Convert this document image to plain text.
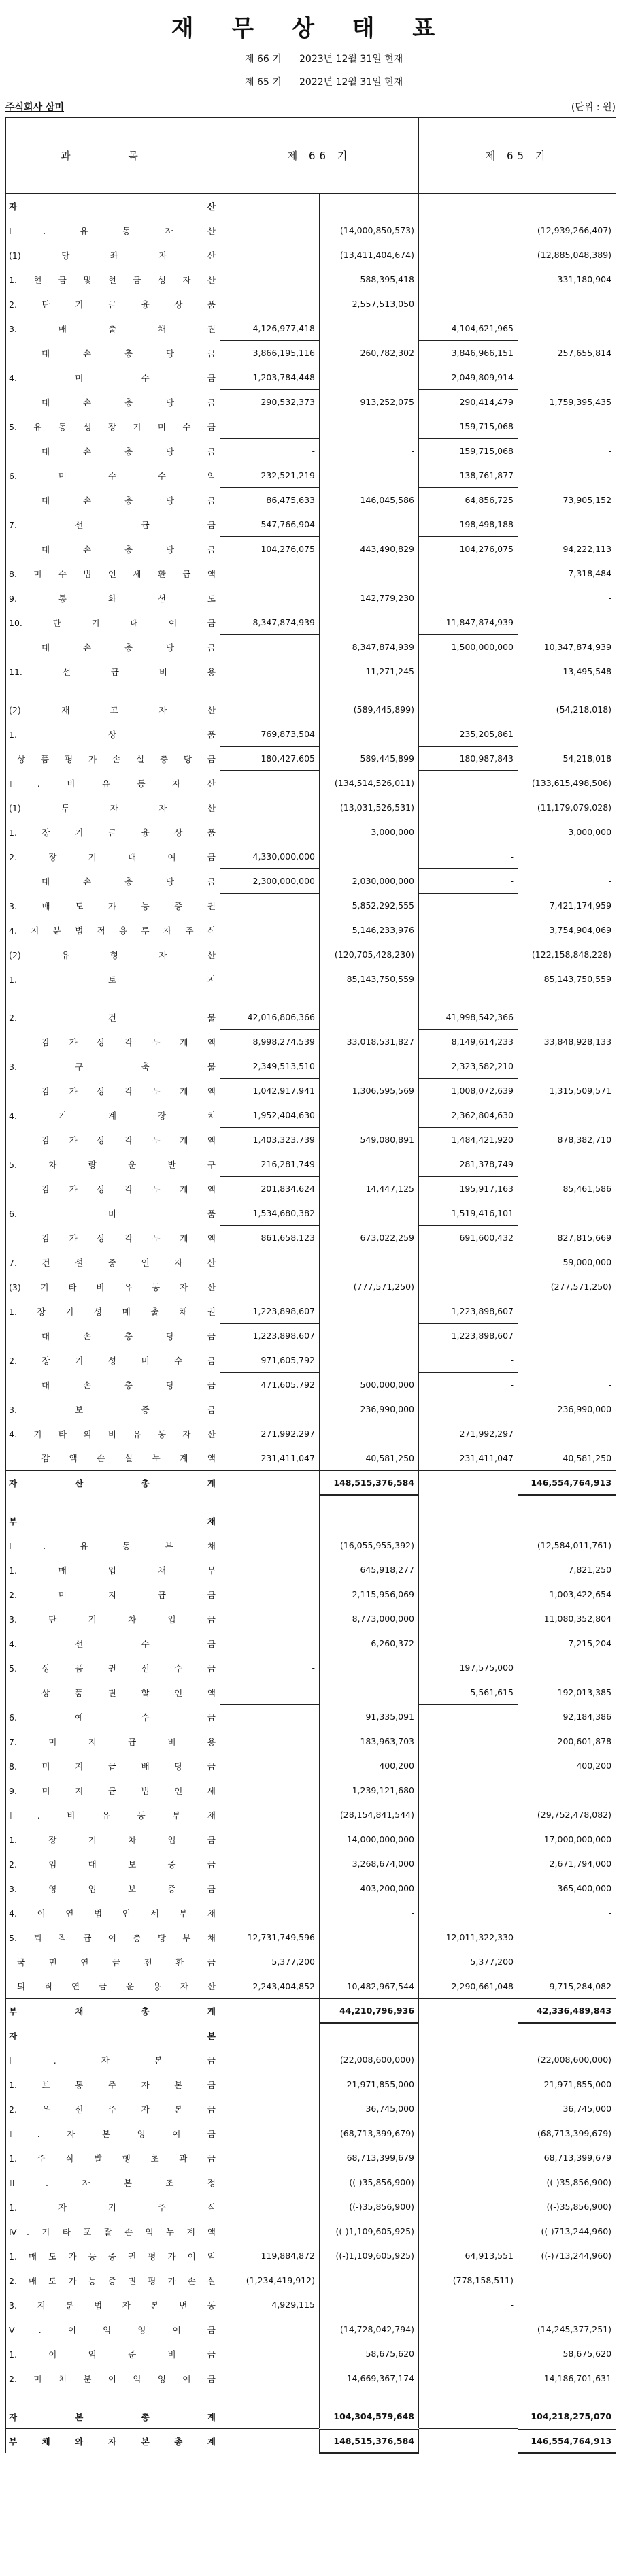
재 무 상 태 표
제 66 기	2023년 12월 31일 현재
제 65 기	2022년 12월 31일 현재
주식회사 삼미	(단위 : 원)
과 목	제 66 기		제 65 기	
자 산				
Ⅰ. 유 동 자 산		(14,000,850,573)		(12,939,266,407)
(1) 당 좌 자 산		(13,411,404,674)		(12,885,048,389)
1. 현 금 및 현 금 성 자 산		588,395,418		331,180,904
2. 단 기 금 융 상 품		2,557,513,050		
3. 매 출 채 권	4,126,977,418		4,104,621,965	
대 손 충 당 금	3,866,195,116	260,782,302	3,846,966,151	257,655,814
4. 미 수 금	1,203,784,448		2,049,809,914	
대 손 충 당 금	290,532,373	913,252,075	290,414,479	1,759,395,435
5. 유 동 성 장 기 미 수 금	-		159,715,068	
대 손 충 당 금	-	-	159,715,068	-
6. 미 수 수 익	232,521,219		138,761,877	
대 손 충 당 금	86,475,633	146,045,586	64,856,725	73,905,152
7. 선 급 금	547,766,904		198,498,188	
대 손 충 당 금	104,276,075	443,490,829	104,276,075	94,222,113
8. 미 수 법 인 세 환 급 액				7,318,484
9. 통 화 선 도		142,779,230		-
10. 단 기 대 여 금	8,347,874,939		11,847,874,939	
대 손 충 당 금		8,347,874,939	1,500,000,000	10,347,874,939
11. 선 급 비 용		11,271,245		13,495,548

(2) 재 고 자 산		(589,445,899)		(54,218,018)
1. 상 품	769,873,504		235,205,861	
상 품 평 가 손 실 충 당 금	180,427,605	589,445,899	180,987,843	54,218,018
Ⅱ. 비 유 동 자 산		(134,514,526,011)		(133,615,498,506)
(1) 투 자 자 산		(13,031,526,531)		(11,179,079,028)
1. 장 기 금 융 상 품		3,000,000		3,000,000
2. 장 기 대 여 금	4,330,000,000		-	
대 손 충 당 금	2,300,000,000	2,030,000,000	-	-
3. 매 도 가 능 증 권		5,852,292,555		7,421,174,959
4. 지 분 법 적 용 투 자 주 식		5,146,233,976		3,754,904,069
(2) 유 형 자 산		(120,705,428,230)		(122,158,848,228)
1. 토 지		85,143,750,559		85,143,750,559

2. 건 물	42,016,806,366		41,998,542,366	
감 가 상 각 누 계 액	8,998,274,539	33,018,531,827	8,149,614,233	33,848,928,133
3. 구 축 물	2,349,513,510		2,323,582,210	
감 가 상 각 누 계 액	1,042,917,941	1,306,595,569	1,008,072,639	1,315,509,571
4. 기 계 장 치	1,952,404,630		2,362,804,630	
감 가 상 각 누 계 액	1,403,323,739	549,080,891	1,484,421,920	878,382,710
5. 차 량 운 반 구	216,281,749		281,378,749	
감 가 상 각 누 계 액	201,834,624	14,447,125	195,917,163	85,461,586
6. 비 품	1,534,680,382		1,519,416,101	
감 가 상 각 누 계 액	861,658,123	673,022,259	691,600,432	827,815,669
7. 건 설 중 인 자 산				59,000,000
(3) 기 타 비 유 동 자 산		(777,571,250)		(277,571,250)
1. 장 기 성 매 출 채 권	1,223,898,607		1,223,898,607	
대 손 충 당 금	1,223,898,607		1,223,898,607	
2. 장 기 성 미 수 금	971,605,792		-	
대 손 충 당 금	471,605,792	500,000,000	-	-
3. 보 증 금		236,990,000		236,990,000
4. 기 타 의 비 유 동 자 산	271,992,297		271,992,297	
감 액 손 실 누 계 액	231,411,047	40,581,250	231,411,047	40,581,250
자 산 총 계		148,515,376,584		146,554,764,913

부 채				
Ⅰ. 유 동 부 채		(16,055,955,392)		(12,584,011,761)
1. 매 입 채 무		645,918,277		7,821,250
2. 미 지 급 금		2,115,956,069		1,003,422,654
3. 단 기 차 입 금		8,773,000,000		11,080,352,804
4. 선 수 금		6,260,372		7,215,204
5. 상 품 권 선 수 금	-		197,575,000	
상 품 권 할 인 액	-	-	5,561,615	192,013,385
6. 예 수 금		91,335,091		92,184,386
7. 미 지 급 비 용		183,963,703		200,601,878
8. 미 지 급 배 당 금		400,200		400,200
9. 미 지 급 법 인 세		1,239,121,680		-
Ⅱ. 비 유 동 부 채		(28,154,841,544)		(29,752,478,082)
1. 장 기 차 입 금		14,000,000,000		17,000,000,000
2. 임 대 보 증 금		3,268,674,000		2,671,794,000
3. 영 업 보 증 금		403,200,000		365,400,000
4. 이 연 법 인 세 부 채		-		-
5. 퇴 직 급 여 충 당 부 채	12,731,749,596		12,011,322,330	
국 민 연 금 전 환 금	5,377,200		5,377,200	
퇴 직 연 금 운 용 자 산	2,243,404,852	10,482,967,544	2,290,661,048	9,715,284,082
부 채 총 계		44,210,796,936		42,336,489,843
자 본				
Ⅰ. 자 본 금		(22,008,600,000)		(22,008,600,000)
1. 보 통 주 자 본 금		21,971,855,000		21,971,855,000
2. 우 선 주 자 본 금		36,745,000		36,745,000
Ⅱ. 자 본 잉 여 금		(68,713,399,679)		(68,713,399,679)
1. 주 식 발 행 초 과 금		68,713,399,679		68,713,399,679
Ⅲ. 자 본 조 정		((-)35,856,900)		((-)35,856,900)
1. 자 기 주 식		((-)35,856,900)		((-)35,856,900)
Ⅳ. 기 타 포 괄 손 익 누 계 액		((-)1,109,605,925)		((-)713,244,960)
1. 매 도 가 능 증 권 평 가 이 익	119,884,872	((-)1,109,605,925)	64,913,551	((-)713,244,960)
2. 매 도 가 능 증 권 평 가 손 실	(1,234,419,912)		(778,158,511)	
3. 지 분 법 자 본 변 동	4,929,115		-	
Ⅴ. 이 익 잉 여 금		(14,728,042,794)		(14,245,377,251)
1. 이 익 준 비 금		58,675,620		58,675,620
2. 미 처 분 이 익 잉 여 금		14,669,367,174		14,186,701,631

자 본 총 계		104,304,579,648		104,218,275,070
부 채 와 자 본 총 계		148,515,376,584		146,554,764,913
